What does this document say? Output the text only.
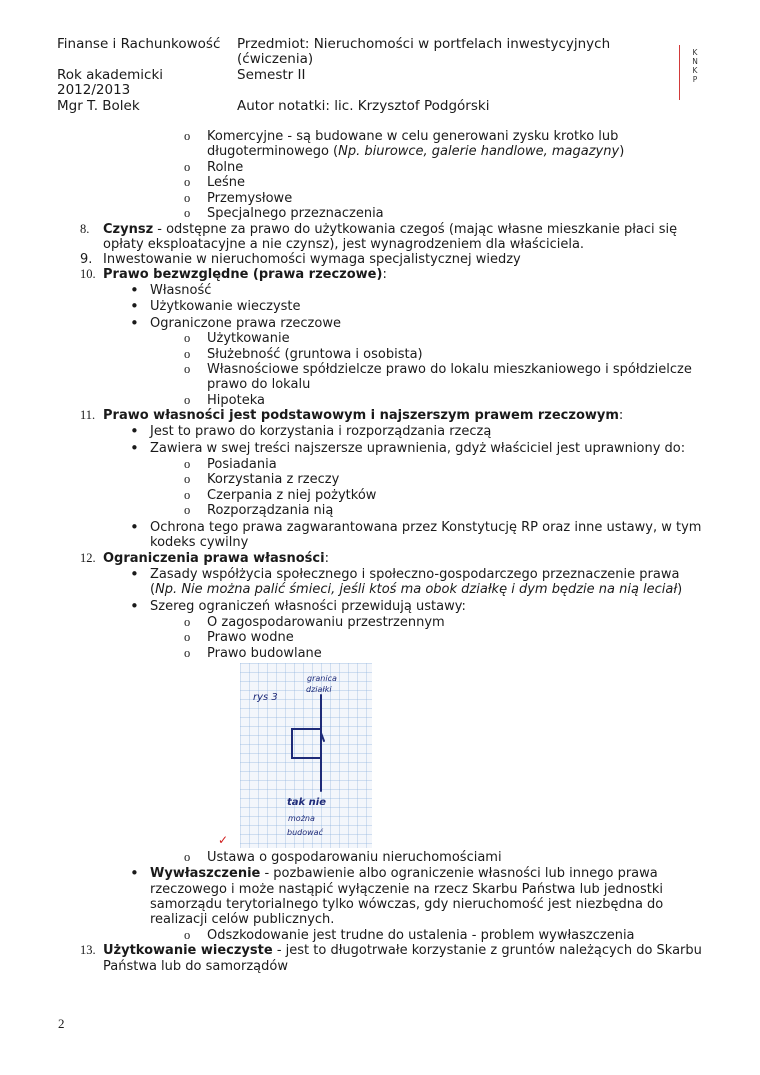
Finanse i Rachunkowość
Rok akademicki
2012/2013
Mgr T. Bolek
Przedmiot: Nieruchomości w portfelach inwestycyjnych
(ćwiczenia)
Semestr II
Autor notatki: lic. Krzysztof Podgórski
K
N
K
P
o Komercyjne - są budowane w celu generowani zysku krotko lub
długoterminowego (Np. biurowce, galerie handlowe, magazyny)
o Rolne
o Leśne
o Przemysłowe
o Specjalnego przeznaczenia
8. Czynsz - odstępne za prawo do użytkowania czegoś (mając własne mieszkanie płaci się
opłaty eksploatacyjne a nie czynsz), jest wynagrodzeniem dla właściciela.
9. Inwestowanie w nieruchomości wymaga specjalistycznej wiedzy
10. Prawo bezwzględne (prawa rzeczowe):
• Własność
• Użytkowanie wieczyste
• Ograniczone prawa rzeczowe
o Użytkowanie
o Służebność (gruntowa i osobista)
o Własnościowe spółdzielcze prawo do lokalu mieszkaniowego i spółdzielcze
prawo do lokalu
o Hipoteka
11. Prawo własności jest podstawowym i najszerszym prawem rzeczowym:
• Jest to prawo do korzystania i rozporządzania rzeczą
• Zawiera w swej treści najszersze uprawnienia, gdyż właściciel jest uprawniony do:
o Posiadania
o Korzystania z rzeczy
o Czerpania z niej pożytków
o Rozporządzania nią
• Ochrona tego prawa zagwarantowana przez Konstytucję RP oraz inne ustawy, w tym
kodeks cywilny
12. Ograniczenia prawa własności:
• Zasady współżycia społecznego i społeczno-gospodarczego przeznaczenie prawa
(Np. Nie można palić śmieci, jeśli ktoś ma obok działkę i dym będzie na nią leciał)
• Szereg ograniczeń własności przewidują ustawy:
o O zagospodarowaniu przestrzennym
o Prawo wodne
o Prawo budowlane
rys 3
granica
działki
tak nie
można
budować
✓
o Ustawa o gospodarowaniu nieruchomościami
• Wywłaszczenie - pozbawienie albo ograniczenie własności lub innego prawa
rzeczowego i może nastąpić wyłączenie na rzecz Skarbu Państwa lub jednostki
samorządu terytorialnego tylko wówczas, gdy nieruchomość jest niezbędna do
realizacji celów publicznych.
o Odszkodowanie jest trudne do ustalenia - problem wywłaszczenia
13. Użytkowanie wieczyste - jest to długotrwałe korzystanie z gruntów należących do Skarbu
Państwa lub do samorządów
2
